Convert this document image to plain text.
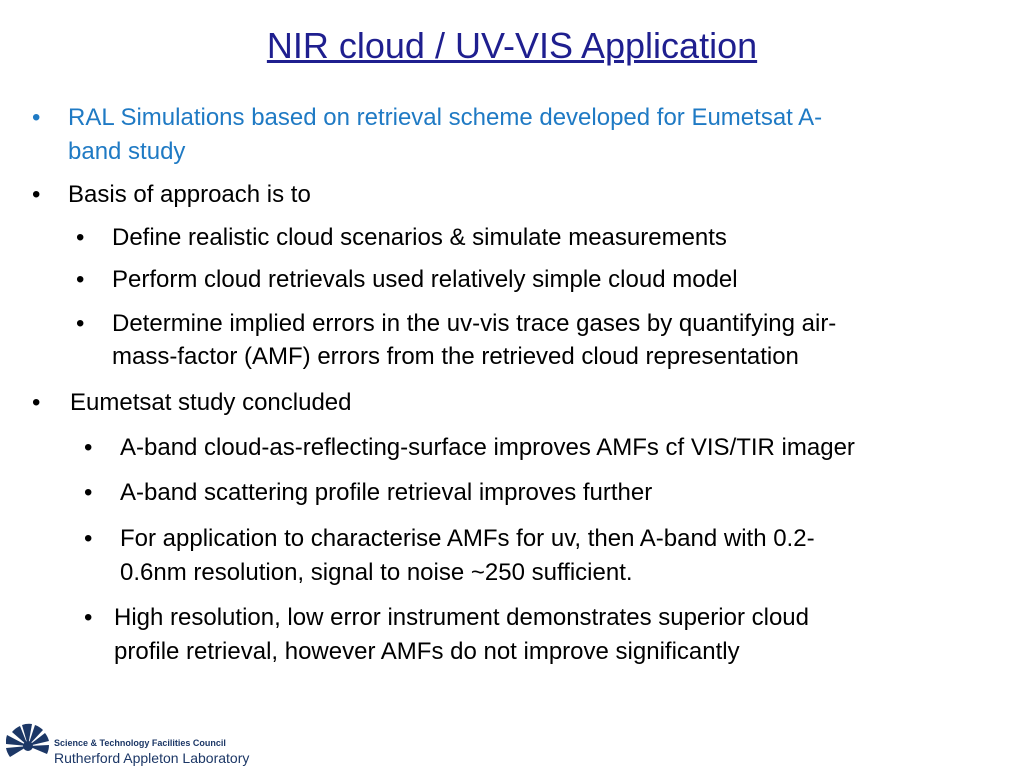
NIR cloud / UV-VIS Application
• RAL Simulations based on retrieval scheme developed for Eumetsat A-
band study
• Basis of approach is to
• Define realistic cloud scenarios & simulate measurements
• Perform cloud retrievals used relatively simple cloud model
• Determine implied errors in the uv-vis trace gases by quantifying air-
mass-factor (AMF) errors from the retrieved cloud representation
• Eumetsat study concluded
• A-band cloud-as-reflecting-surface improves AMFs cf VIS/TIR imager
• A-band scattering profile retrieval improves further
• For application to characterise AMFs for uv, then A-band with 0.2-
0.6nm resolution, signal to noise ~250 sufficient.
• High resolution, low error instrument demonstrates superior cloud
profile retrieval, however AMFs do not improve significantly
Science & Technology Facilities Council
Rutherford Appleton Laboratory
